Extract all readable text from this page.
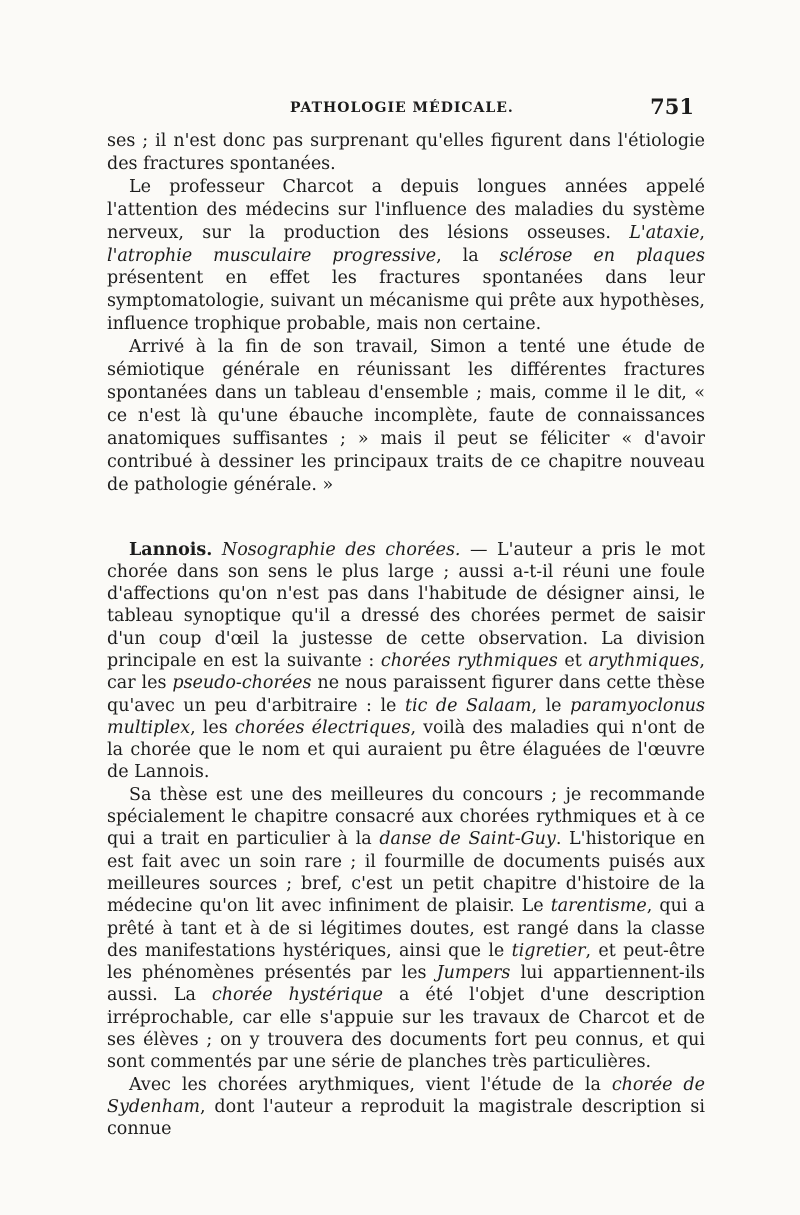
PATHOLOGIE MÉDICALE.	751

ses ; il n'est donc pas surprenant qu'elles figurent dans l'étiologie des fractures spontanées.

Le professeur Charcot a depuis longues années appelé l'attention des médecins sur l'influence des maladies du système nerveux, sur la production des lésions osseuses. L'ataxie, l'atrophie musculaire progressive, la sclérose en plaques présentent en effet les fractures spontanées dans leur symptomatologie, suivant un mécanisme qui prête aux hypothèses, influence trophique probable, mais non certaine.

Arrivé à la fin de son travail, Simon a tenté une étude de sémiotique générale en réunissant les différentes fractures spontanées dans un tableau d'ensemble ; mais, comme il le dit, « ce n'est là qu'une ébauche incomplète, faute de connaissances anatomiques suffisantes ; » mais il peut se féliciter « d'avoir contribué à dessiner les principaux traits de ce chapitre nouveau de pathologie générale. »

Lannois. Nosographie des chorées. — L'auteur a pris le mot chorée dans son sens le plus large ; aussi a-t-il réuni une foule d'affections qu'on n'est pas dans l'habitude de désigner ainsi, le tableau synoptique qu'il a dressé des chorées permet de saisir d'un coup d'œil la justesse de cette observation. La division principale en est la suivante : chorées rythmiques et arythmiques, car les pseudo-chorées ne nous paraissent figurer dans cette thèse qu'avec un peu d'arbitraire : le tic de Salaam, le paramyoclonus multiplex, les chorées électriques, voilà des maladies qui n'ont de la chorée que le nom et qui auraient pu être élaguées de l'œuvre de Lannois.

Sa thèse est une des meilleures du concours ; je recommande spécialement le chapitre consacré aux chorées rythmiques et à ce qui a trait en particulier à la danse de Saint-Guy. L'historique en est fait avec un soin rare ; il fourmille de documents puisés aux meilleures sources ; bref, c'est un petit chapitre d'histoire de la médecine qu'on lit avec infiniment de plaisir. Le tarentisme, qui a prêté à tant et à de si légitimes doutes, est rangé dans la classe des manifestations hystériques, ainsi que le tigretier, et peut-être les phénomènes présentés par les Jumpers lui appartiennent-ils aussi. La chorée hystérique a été l'objet d'une description irréprochable, car elle s'appuie sur les travaux de Charcot et de ses élèves ; on y trouvera des documents fort peu connus, et qui sont commentés par une série de planches très particulières.

Avec les chorées arythmiques, vient l'étude de la chorée de Sydenham, dont l'auteur a reproduit la magistrale description si connue
